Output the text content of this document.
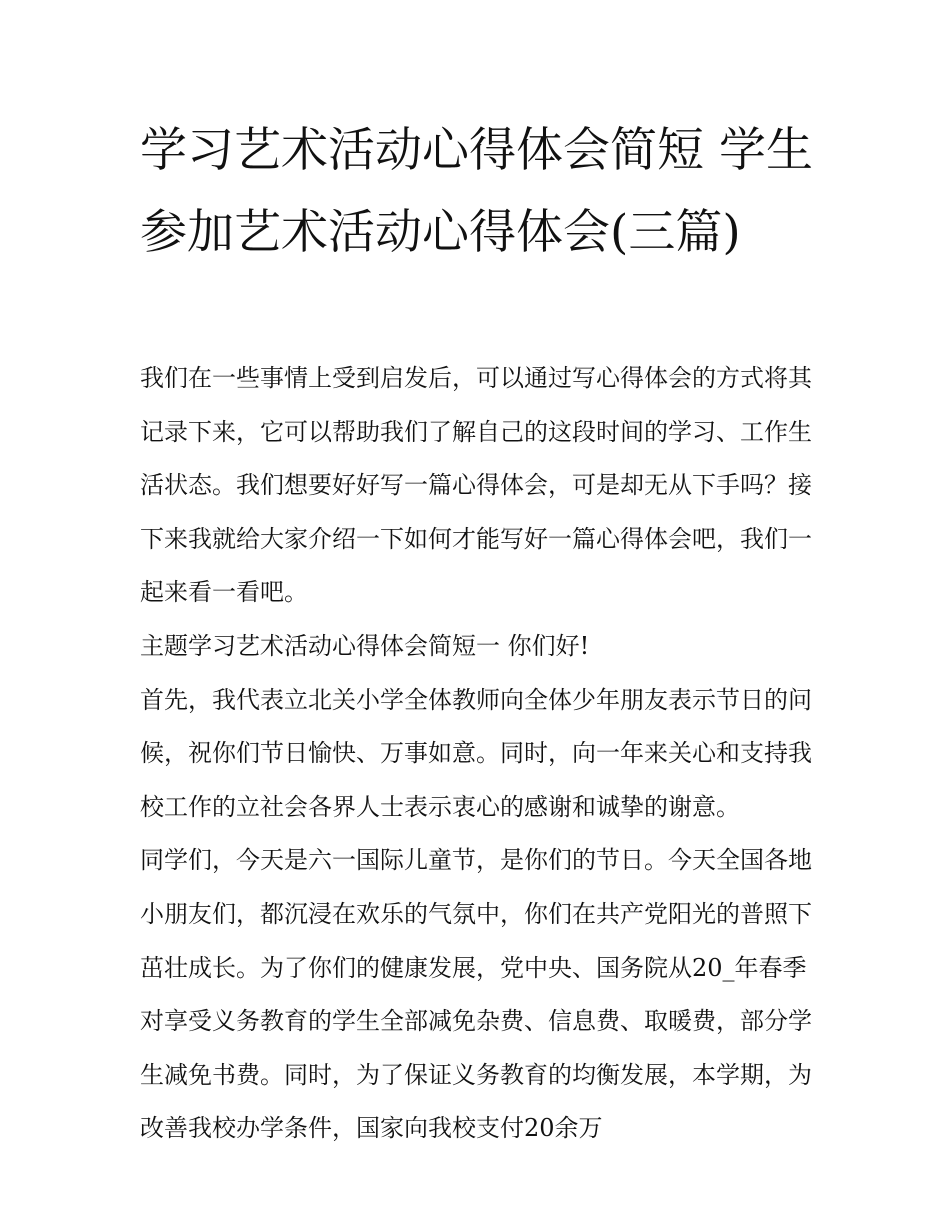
学习艺术活动心得体会简短 学生参加艺术活动心得体会(三篇)

我们在一些事情上受到启发后，可以通过写心得体会的方式将其记录下来，它可以帮助我们了解自己的这段时间的学习、工作生活状态。我们想要好好写一篇心得体会，可是却无从下手吗？接下来我就给大家介绍一下如何才能写好一篇心得体会吧，我们一起来看一看吧。

主题学习艺术活动心得体会简短一 你们好!

首先，我代表立北关小学全体教师向全体少年朋友表示节日的问候，祝你们节日愉快、万事如意。同时，向一年来关心和支持我校工作的立社会各界人士表示衷心的感谢和诚挚的谢意。

同学们，今天是六一国际儿童节，是你们的节日。今天全国各地小朋友们，都沉浸在欢乐的气氛中，你们在共产党阳光的普照下茁壮成长。为了你们的健康发展，党中央、国务院从20_年春季对享受义务教育的学生全部减免杂费、信息费、取暖费，部分学生减免书费。同时，为了保证义务教育的均衡发展，本学期，为改善我校办学条件，国家向我校支付20余万
